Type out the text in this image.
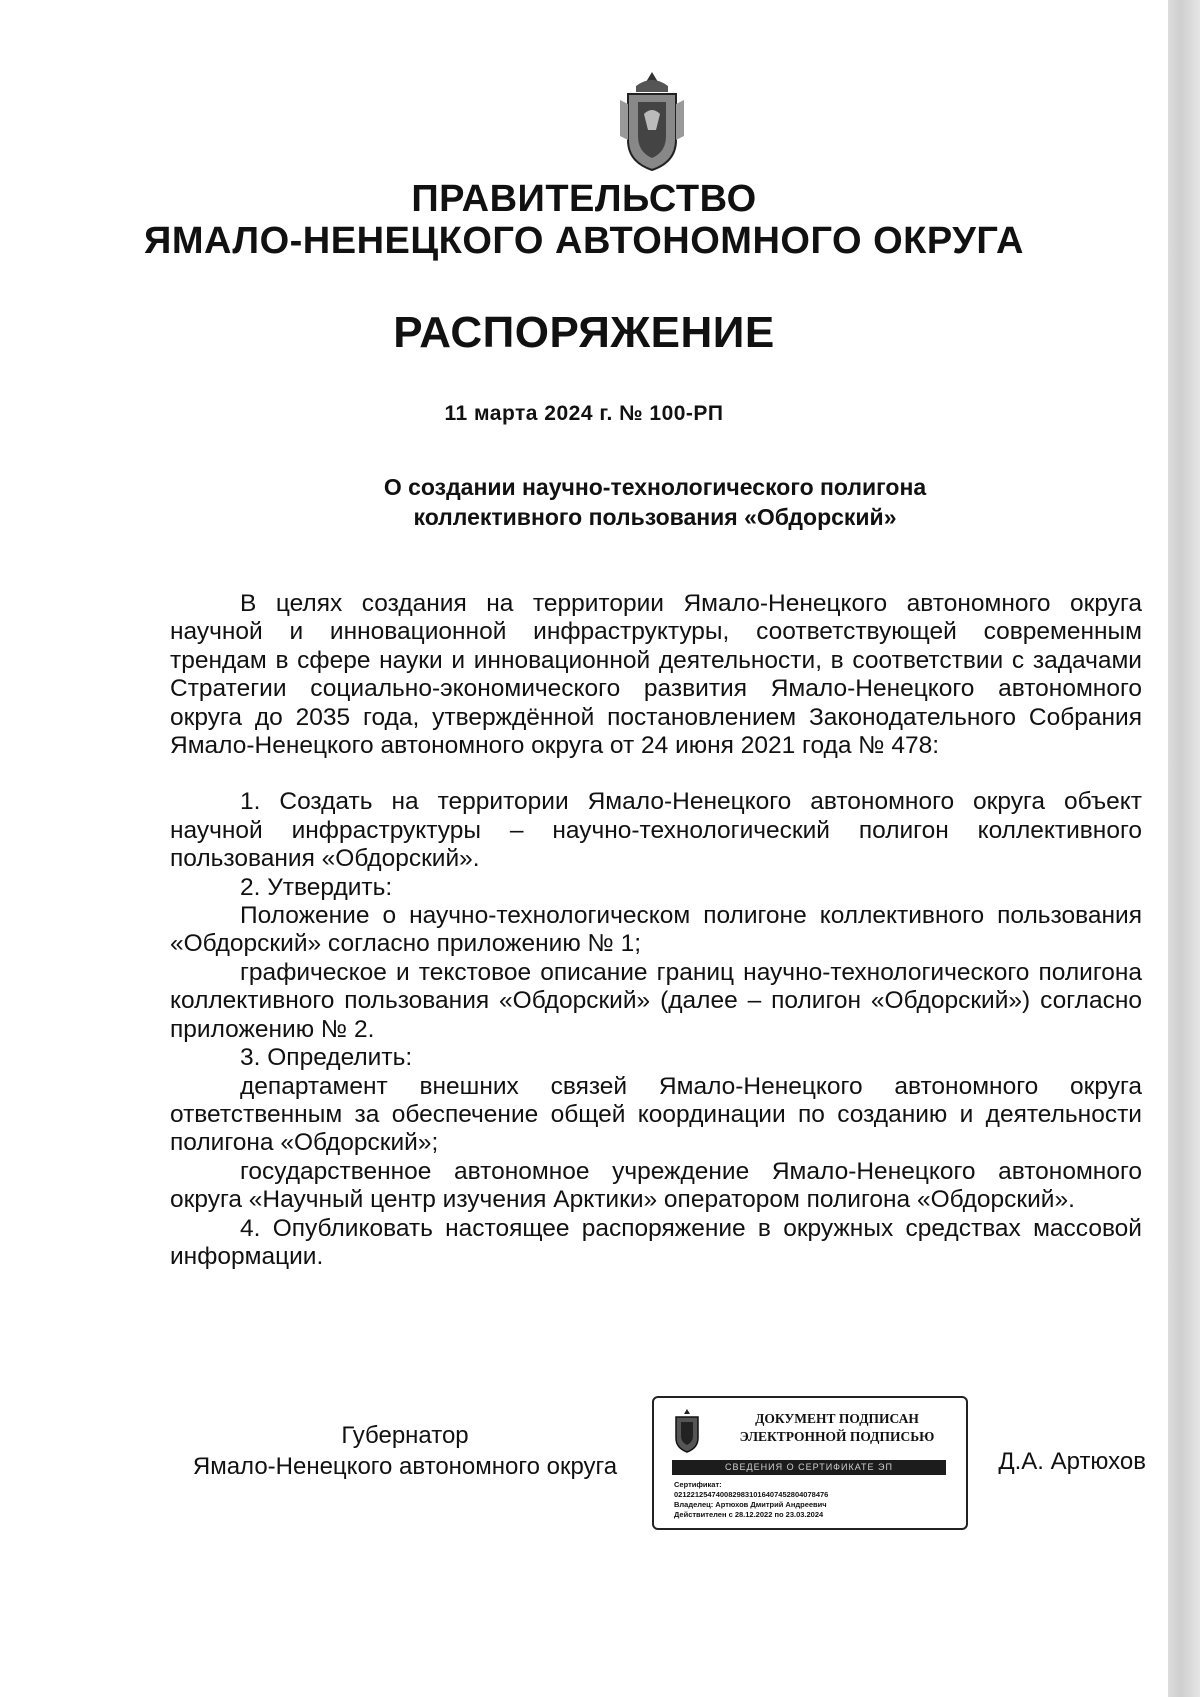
ПРАВИТЕЛЬСТВО
ЯМАЛО-НЕНЕЦКОГО АВТОНОМНОГО ОКРУГА
РАСПОРЯЖЕНИЕ
11 марта 2024 г. № 100-РП
О создании научно-технологического полигона
коллективного пользования «Обдорский»

В целях создания на территории Ямало-Ненецкого автономного округа научной и инновационной инфраструктуры, соответствующей современным трендам в сфере науки и инновационной деятельности, в соответствии с задачами Стратегии социально-экономического развития Ямало-Ненецкого автономного округа до 2035 года, утверждённой постановлением Законодательного Собрания Ямало-Ненецкого автономного округа от 24 июня 2021 года № 478:

1. Создать на территории Ямало-Ненецкого автономного округа объект научной инфраструктуры – научно-технологический полигон коллективного пользования «Обдорский».

2. Утвердить:

Положение о научно-технологическом полигоне коллективного пользования «Обдорский» согласно приложению № 1;

графическое и текстовое описание границ научно-технологического полигона коллективного пользования «Обдорский» (далее – полигон «Обдорский») согласно приложению № 2.

3. Определить:

департамент внешних связей Ямало-Ненецкого автономного округа ответственным за обеспечение общей координации по созданию и деятельности полигона «Обдорский»;

государственное автономное учреждение Ямало-Ненецкого автономного округа «Научный центр изучения Арктики» оператором полигона «Обдорский».

4. Опубликовать настоящее распоряжение в окружных средствах массовой информации.

Губернатор
Ямало-Ненецкого автономного округа
ДОКУМЕНТ ПОДПИСАН
ЭЛЕКТРОННОЙ ПОДПИСЬЮ
СВЕДЕНИЯ О СЕРТИФИКАТЕ ЭП
Сертификат:
0212212547400829831016407452804078476
Владелец: Артюхов Дмитрий Андреевич
Действителен с 28.12.2022 по 23.03.2024
Д.А. Артюхов
